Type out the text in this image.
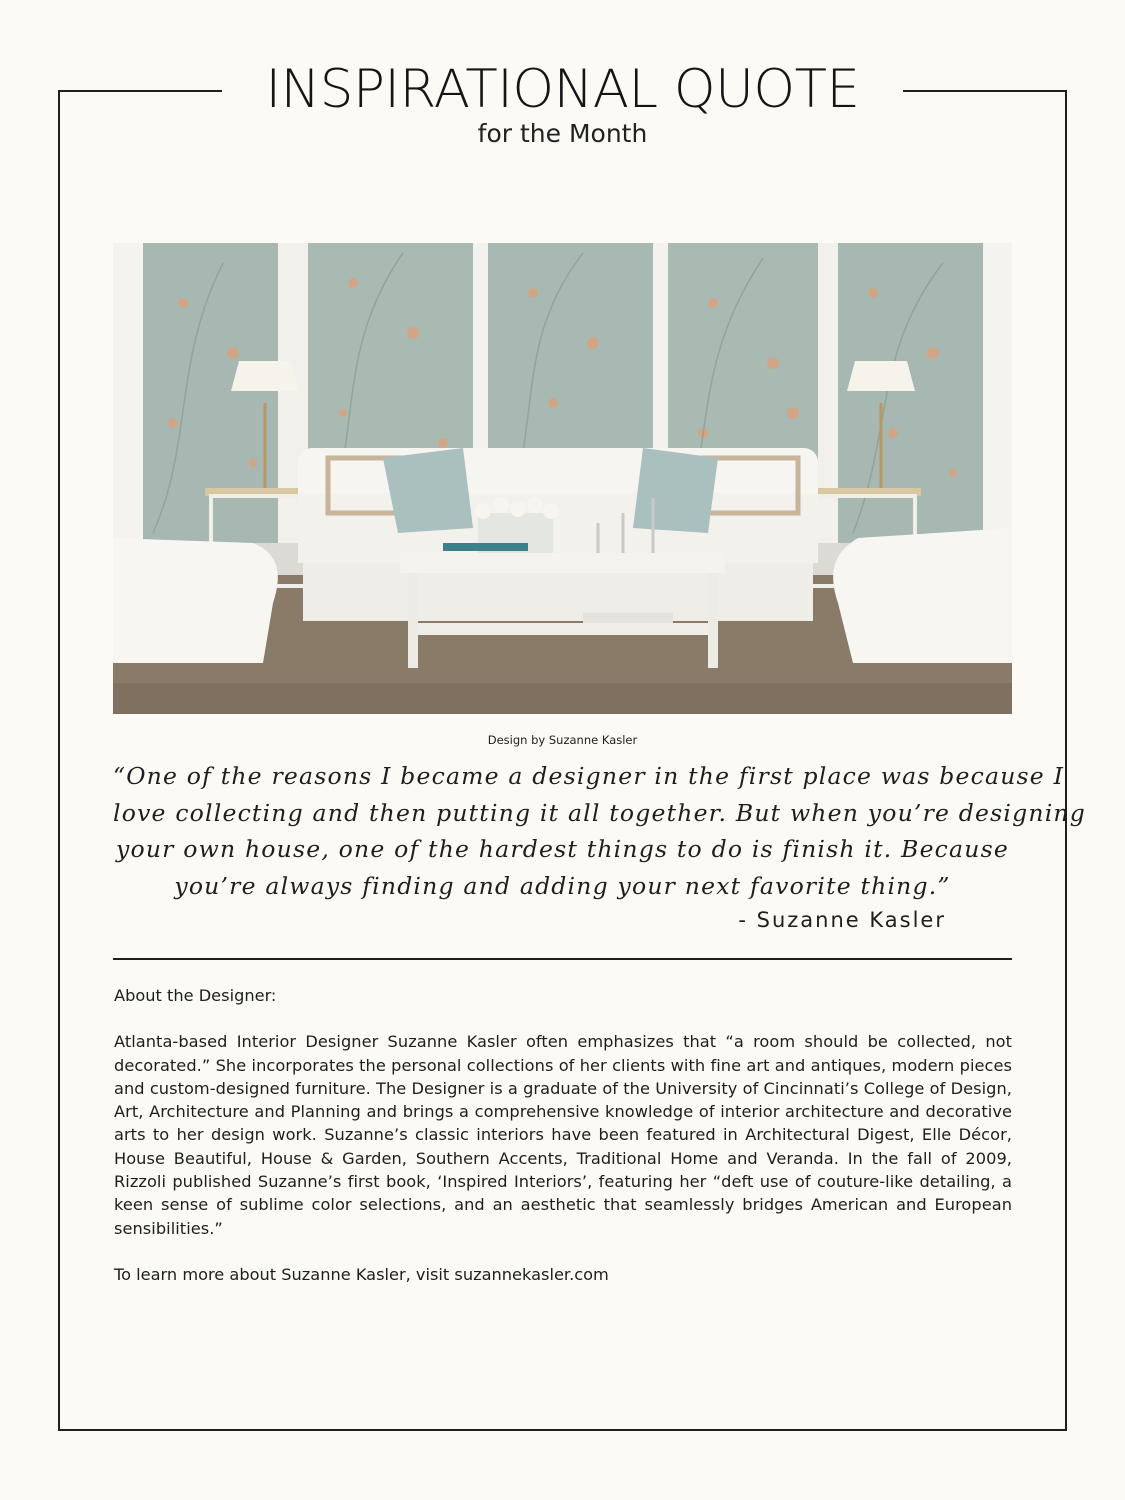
INSPIRATIONAL QUOTE
for the Month
Design by Suzanne Kasler
“One of the reasons I became a designer in the first place was because I
love collecting and then putting it all together. But when you’re designing
your own house, one of the hardest things to do is finish it. Because
you’re always finding and adding your next favorite thing.”
- Suzanne Kasler

About the Designer:

Atlanta-based Interior Designer Suzanne Kasler often emphasizes that “a room should be collected, not decorated.” She incorporates the personal collections of her clients with fine art and antiques, modern pieces and custom-designed furniture. The Designer is a graduate of the University of Cincinnati’s College of Design, Art, Architecture and Planning and brings a comprehensive knowledge of interior architecture and decorative arts to her design work. Suzanne’s classic interiors have been featured in Architectural Digest, Elle Décor, House Beautiful, House & Garden, Southern Accents, Traditional Home and Veranda. In the fall of 2009, Rizzoli published Suzanne’s first book, ‘Inspired Interiors’, featuring her “deft use of couture-like detailing, a keen sense of sublime color selections, and an aesthetic that seamlessly bridges American and European sensibilities.”

To learn more about Suzanne Kasler, visit suzannekasler.com
